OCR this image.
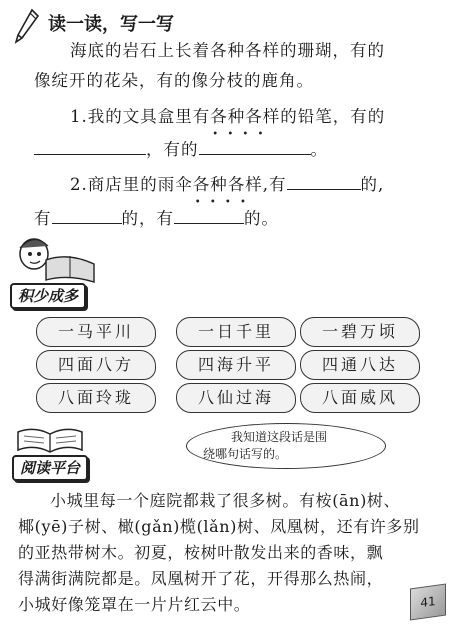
读一读，写一写
海底的岩石上长着各种各样的珊瑚，有的
像绽开的花朵，有的像分枝的鹿角。
1.我的文具盒里有各种各样 • • • •的铅笔，有的
，有的	。
2.商店里的雨伞各种各样 • • • •,有	的,
有	的，有	的。
积少成多
一马平川	一日千里	一碧万顷
四面八方	四海升平	四通八达
八面玲珑	八仙过海	八面威风
阅读平台
我知道这段话是围
绕哪句话写的。
小城里每一个庭院都栽了很多树。有桉(ān)树、
椰(yē)子树、橄(gǎn)榄(lǎn)树、凤凰树，还有许多别
的亚热带树木。初夏，桉树叶散发出来的香味，飘
得满街满院都是。凤凰树开了花，开得那么热闹，
小城好像笼罩在一片片红云中。	41
